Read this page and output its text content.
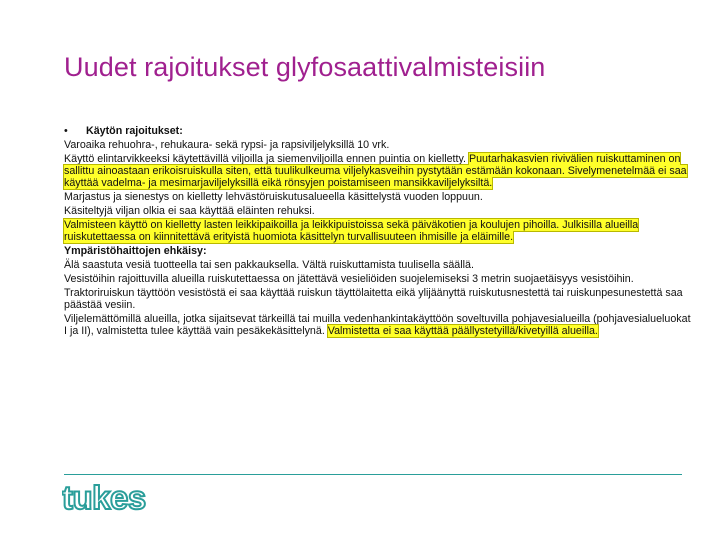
Uudet rajoitukset glyfosaattivalmisteisiin

• Käytön rajoitukset:

Varoaika rehuohra-, rehukaura- sekä rypsi- ja rapsiviljelyksillä 10 vrk.

Käyttö elintarvikkeeksi käytettävillä viljoilla ja siemenviljoilla ennen puintia on kielletty. Puutarhakasvien rivivälien ruiskuttaminen on sallittu ainoastaan erikoisruiskulla siten, että tuulikulkeuma viljelykasveihin pystytään estämään kokonaan. Sivelymenetelmää ei saa käyttää vadelma- ja mesimarjaviljelyksillä eikä rönsyjen poistamiseen mansikkaviljelyksiltä.

Marjastus ja sienestys on kielletty lehvästöruiskutusalueella käsittelystä vuoden loppuun.

Käsiteltyjä viljan olkia ei saa käyttää eläinten rehuksi.

Valmisteen käyttö on kielletty lasten leikkipaikoilla ja leikkipuistoissa sekä päiväkotien ja koulujen pihoilla. Julkisilla alueilla ruiskutettaessa on kiinnitettävä erityistä huomiota käsittelyn turvallisuuteen ihmisille ja eläimille.

Ympäristöhaittojen ehkäisy:

Älä saastuta vesiä tuotteella tai sen pakkauksella. Vältä ruiskuttamista tuulisella säällä.

Vesistöihin rajoittuvilla alueilla ruiskutettaessa on jätettävä vesieliöiden suojelemiseksi 3 metrin suojaetäisyys vesistöihin.

Traktoriruiskun täyttöön vesistöstä ei saa käyttää ruiskun täyttölaitetta eikä ylijäänyttä ruiskutusnestettä tai ruiskunpesunestettä saa päästää vesiin.

Viljelemättömillä alueilla, jotka sijaitsevat tärkeillä tai muilla vedenhankintakäyttöön soveltuvilla pohjavesialueilla (pohjavesialueluokat I ja II), valmistetta tulee käyttää vain pesäkekäsittelynä. Valmistetta ei saa käyttää päällystetyillä/kivetyillä alueilla.

tukes
